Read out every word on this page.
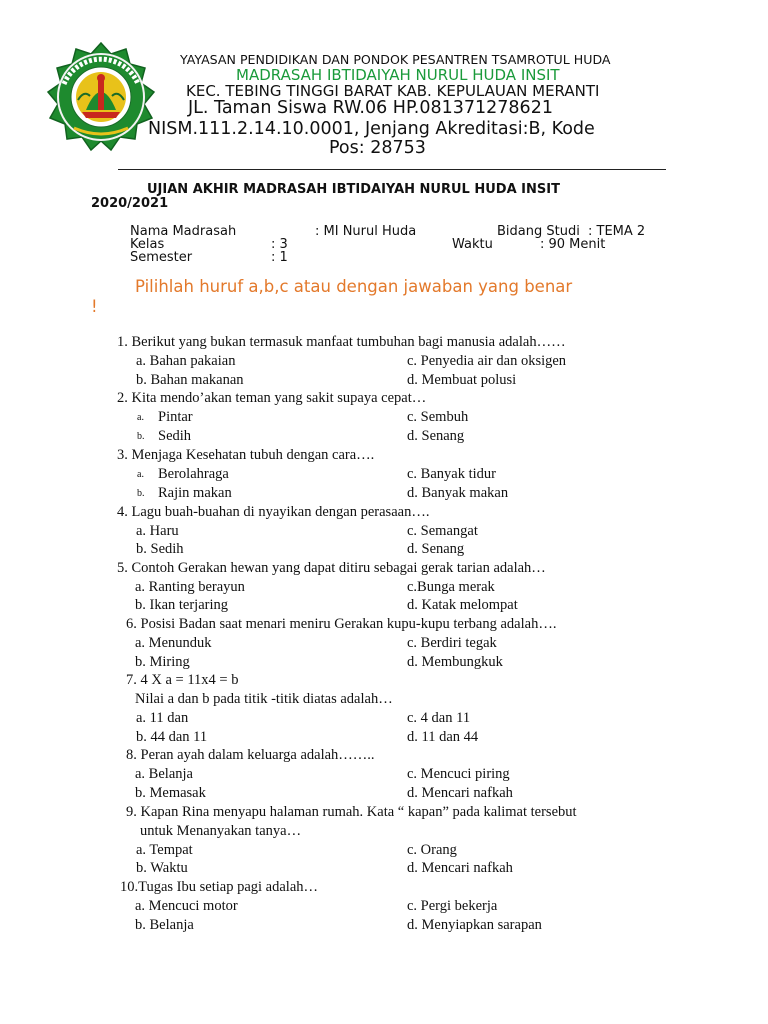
YAYASAN PENDIDIKAN DAN PONDOK PESANTREN TSAMROTUL HUDA
MADRASAH IBTIDAIYAH NURUL HUDA INSIT
KEC. TEBING TINGGI BARAT KAB. KEPULAUAN MERANTI
JL. Taman Siswa RW.06 HP.081371278621
NISM.111.2.14.10.0001, Jenjang Akreditasi:B, Kode
Pos: 28753
UJIAN AKHIR MADRASAH IBTIDAIYAH NURUL HUDA INSIT
2020/2021
Nama Madrasah	: MI Nurul Huda	Bidang Studi : TEMA 2
Kelas	: 3	Waktu	: 90 Menit
Semester	: 1
Pilihlah huruf a,b,c atau dengan jawaban yang benar
!
1. Berikut yang bukan termasuk manfaat tumbuhan bagi manusia adalah……
a. Bahan pakaian	c. Penyedia air dan oksigen
b. Bahan makanan	d. Membuat polusi
2. Kita mendo’akan teman yang sakit supaya cepat…
a. Pintar	c. Sembuh
b. Sedih	d. Senang
3. Menjaga Kesehatan tubuh dengan cara….
a. Berolahraga	c. Banyak tidur
b. Rajin makan	d. Banyak makan
4. Lagu buah-buahan di nyayikan dengan perasaan….
a. Haru	c. Semangat
b. Sedih	d. Senang
5. Contoh Gerakan hewan yang dapat ditiru sebagai gerak tarian adalah…
a. Ranting berayun	c.Bunga merak
b. Ikan terjaring	d. Katak melompat
6. Posisi Badan saat menari meniru Gerakan kupu-kupu terbang adalah….
a. Menunduk	c. Berdiri tegak
b. Miring	d. Membungkuk
7. 4 X a = 11x4 = b
Nilai a dan b pada titik -titik diatas adalah…
a. 11 dan	c. 4 dan 11
b. 44 dan 11	d. 11 dan 44
8. Peran ayah dalam keluarga adalah……..
a. Belanja	c. Mencuci piring
b. Memasak	d. Mencari nafkah
9. Kapan Rina menyapu halaman rumah. Kata “ kapan” pada kalimat tersebut
untuk Menanyakan tanya…
a. Tempat	c. Orang
b. Waktu	d. Mencari nafkah
10.Tugas Ibu setiap pagi adalah…
a. Mencuci motor	c. Pergi bekerja
b. Belanja	d. Menyiapkan sarapan
